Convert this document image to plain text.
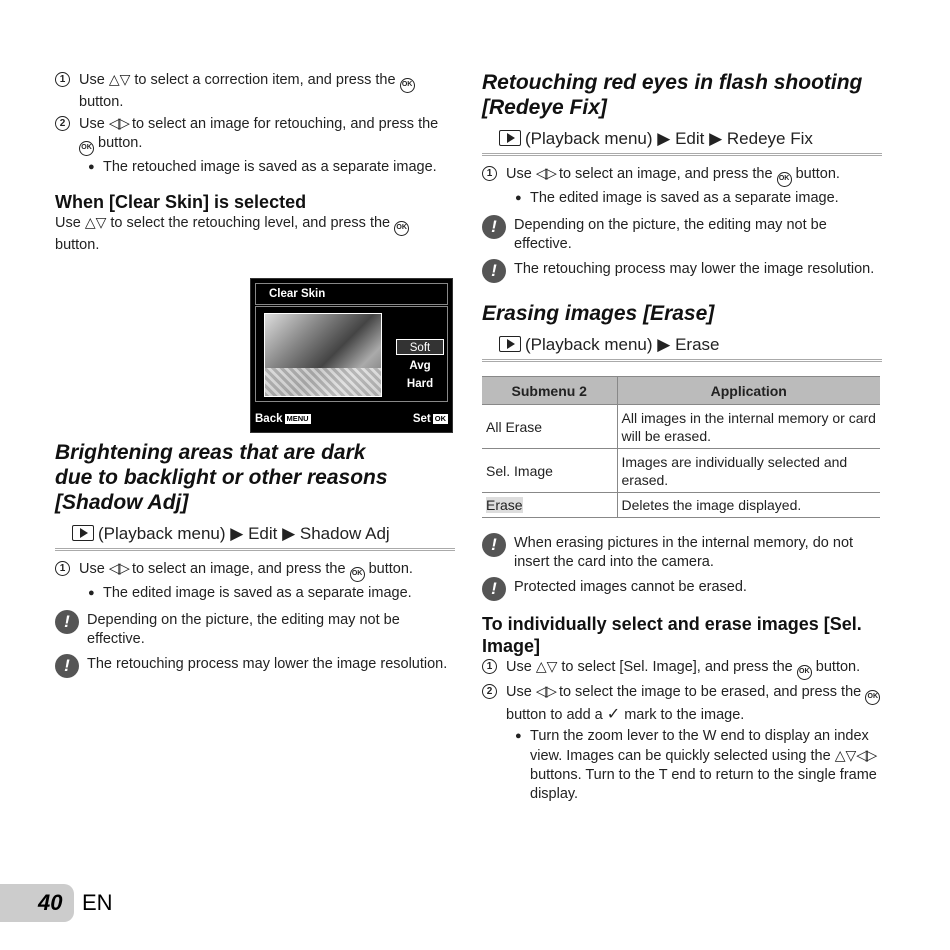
1 Use △▽ to select a correction item, and press the OK button.
2 Use ◁▷ to select an image for retouching, and press the OK button.
● The retouched image is saved as a separate image.
When [Clear Skin] is selected
Use △▽ to select the retouching level, and press the OK button.
Clear Skin
Soft
Avg
Hard
Back MENU	Set OK
Brightening areas that are dark due to backlight or other reasons [Shadow Adj]
(Playback menu) ▶ Edit ▶ Shadow Adj
1 Use ◁▷ to select an image, and press the OK button.
● The edited image is saved as a separate image.
!	Depending on the picture, the editing may not be effective.
!	The retouching process may lower the image resolution.
Retouching red eyes in flash shooting [Redeye Fix]
(Playback menu) ▶ Edit ▶ Redeye Fix
1 Use ◁▷ to select an image, and press the OK button.
● The edited image is saved as a separate image.
!	Depending on the picture, the editing may not be effective.
!	The retouching process may lower the image resolution.
Erasing images [Erase]
(Playback menu) ▶ Erase
Submenu 2	Application
All Erase	All images in the internal memory or card will be erased.
Sel. Image	Images are individually selected and erased.
Erase	Deletes the image displayed.
!	When erasing pictures in the internal memory, do not insert the card into the camera.
!	Protected images cannot be erased.
To individually select and erase images [Sel. Image]
1 Use △▽ to select [Sel. Image], and press the OK button.
2 Use ◁▷ to select the image to be erased, and press the OK button to add a ✓ mark to the image.
● Turn the zoom lever to the W end to display an index view. Images can be quickly selected using the △▽◁▷ buttons. Turn to the T end to return to the single frame display.
40 EN
